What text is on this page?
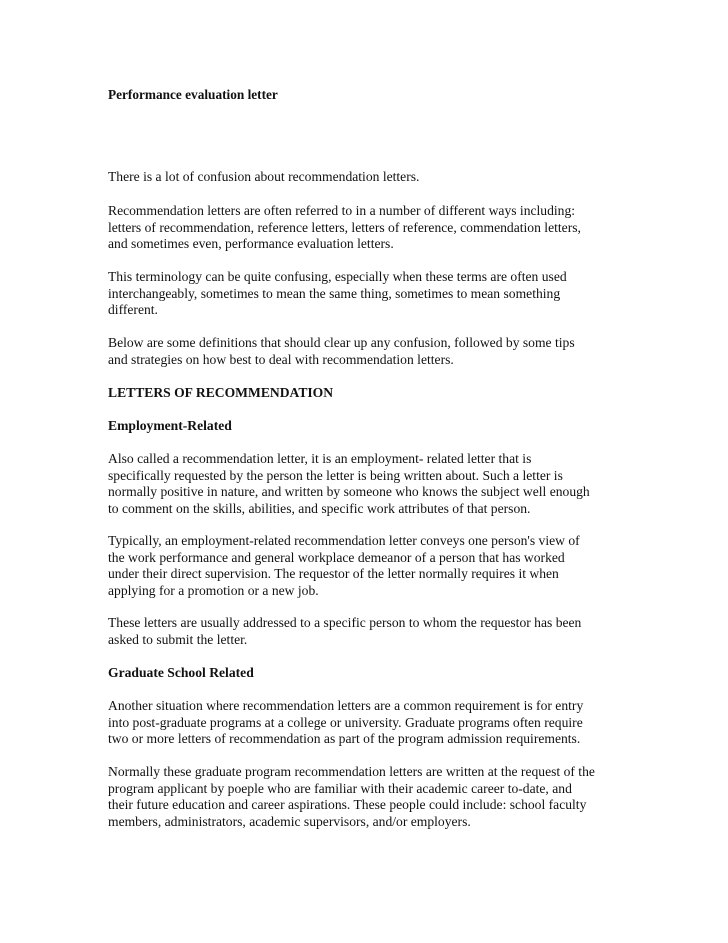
Performance evaluation letter

There is a lot of confusion about recommendation letters.

Recommendation letters are often referred to in a number of different ways including:
letters of recommendation, reference letters, letters of reference, commendation letters,
and sometimes even, performance evaluation letters.

This terminology can be quite confusing, especially when these terms are often used
interchangeably, sometimes to mean the same thing, sometimes to mean something
different.

Below are some definitions that should clear up any confusion, followed by some tips
and strategies on how best to deal with recommendation letters.

LETTERS OF RECOMMENDATION

Employment-Related

Also called a recommendation letter, it is an employment- related letter that is
specifically requested by the person the letter is being written about. Such a letter is
normally positive in nature, and written by someone who knows the subject well enough
to comment on the skills, abilities, and specific work attributes of that person.

Typically, an employment-related recommendation letter conveys one person's view of
the work performance and general workplace demeanor of a person that has worked
under their direct supervision. The requestor of the letter normally requires it when
applying for a promotion or a new job.

These letters are usually addressed to a specific person to whom the requestor has been
asked to submit the letter.

Graduate School Related

Another situation where recommendation letters are a common requirement is for entry
into post-graduate programs at a college or university. Graduate programs often require
two or more letters of recommendation as part of the program admission requirements.

Normally these graduate program recommendation letters are written at the request of the
program applicant by poeple who are familiar with their academic career to-date, and
their future education and career aspirations. These people could include: school faculty
members, administrators, academic supervisors, and/or employers.
